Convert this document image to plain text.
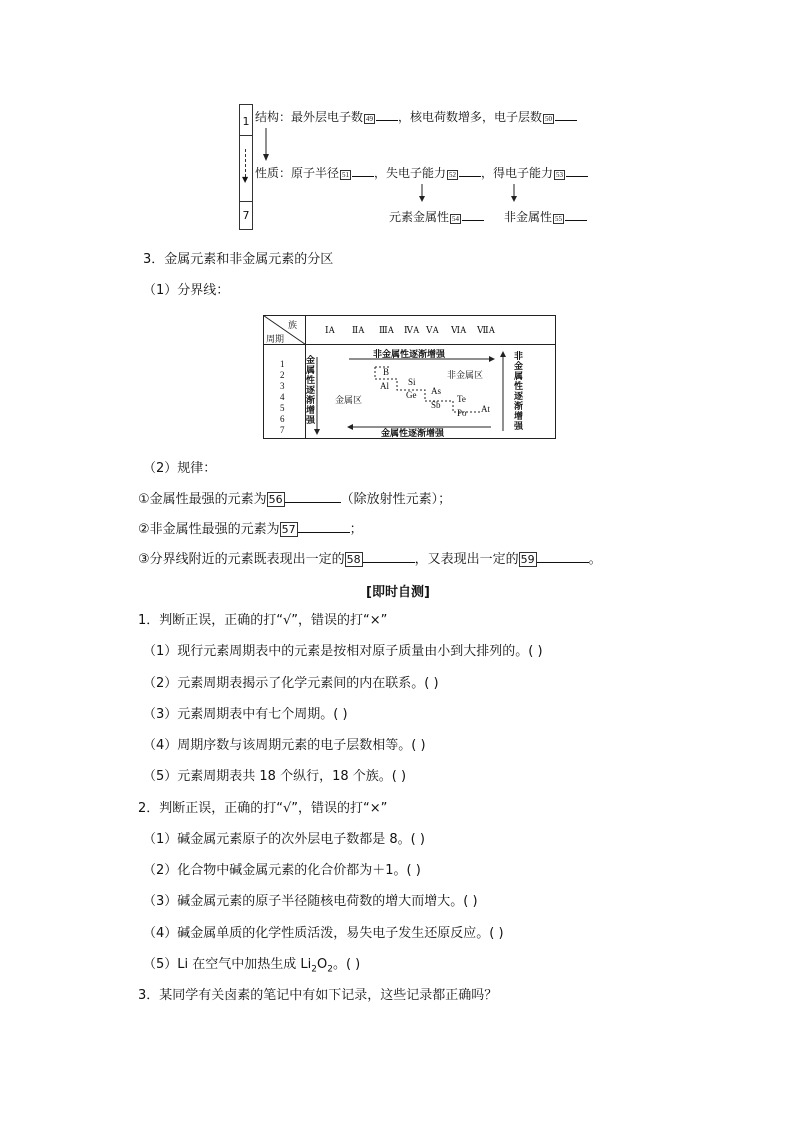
1
▼
7
结构：最外层电子数 49 ，核电荷数增多，电子层数 50
性质：原子半径 51 ，失电子能力 52 ，得电子能力 53
元素金属性 54	非金属性 55
3．金属元素和非金属元素的分区
（1）分界线：
族
周期
ⅠA ⅡA ⅢA ⅣA ⅤA ⅥA ⅦA
1
2
3
4
5
6
7
金属性逐渐增强
非金属性逐渐增强
非金属性逐渐增强
金属性逐渐增强
金属区
非金属区
B
Al Si
Ge As
Sb
Te
Po At
（2）规律：
①金属性最强的元素为 56	（除放射性元素）；
②非金属性最强的元素为 57	；
③分界线附近的元素既表现出一定的 58	，又表现出一定的 59	。
[即时自测]
1．判断正误，正确的打“√”，错误的打“×”
（1）现行元素周期表中的元素是按相对原子质量由小到大排列的。( )
（2）元素周期表揭示了化学元素间的内在联系。( )
（3）元素周期表中有七个周期。( )
（4）周期序数与该周期元素的电子层数相等。( )
（5）元素周期表共 18 个纵行，18 个族。( )
2．判断正误，正确的打“√”，错误的打“×”
（1）碱金属元素原子的次外层电子数都是 8。( )
（2）化合物中碱金属元素的化合价都为＋1。( )
（3）碱金属元素的原子半径随核电荷数的增大而增大。( )
（4）碱金属单质的化学性质活泼，易失电子发生还原反应。( )
（5）Li 在空气中加热生成 $Li_2O_2$。( )
3．某同学有关卤素的笔记中有如下记录，这些记录都正确吗？
